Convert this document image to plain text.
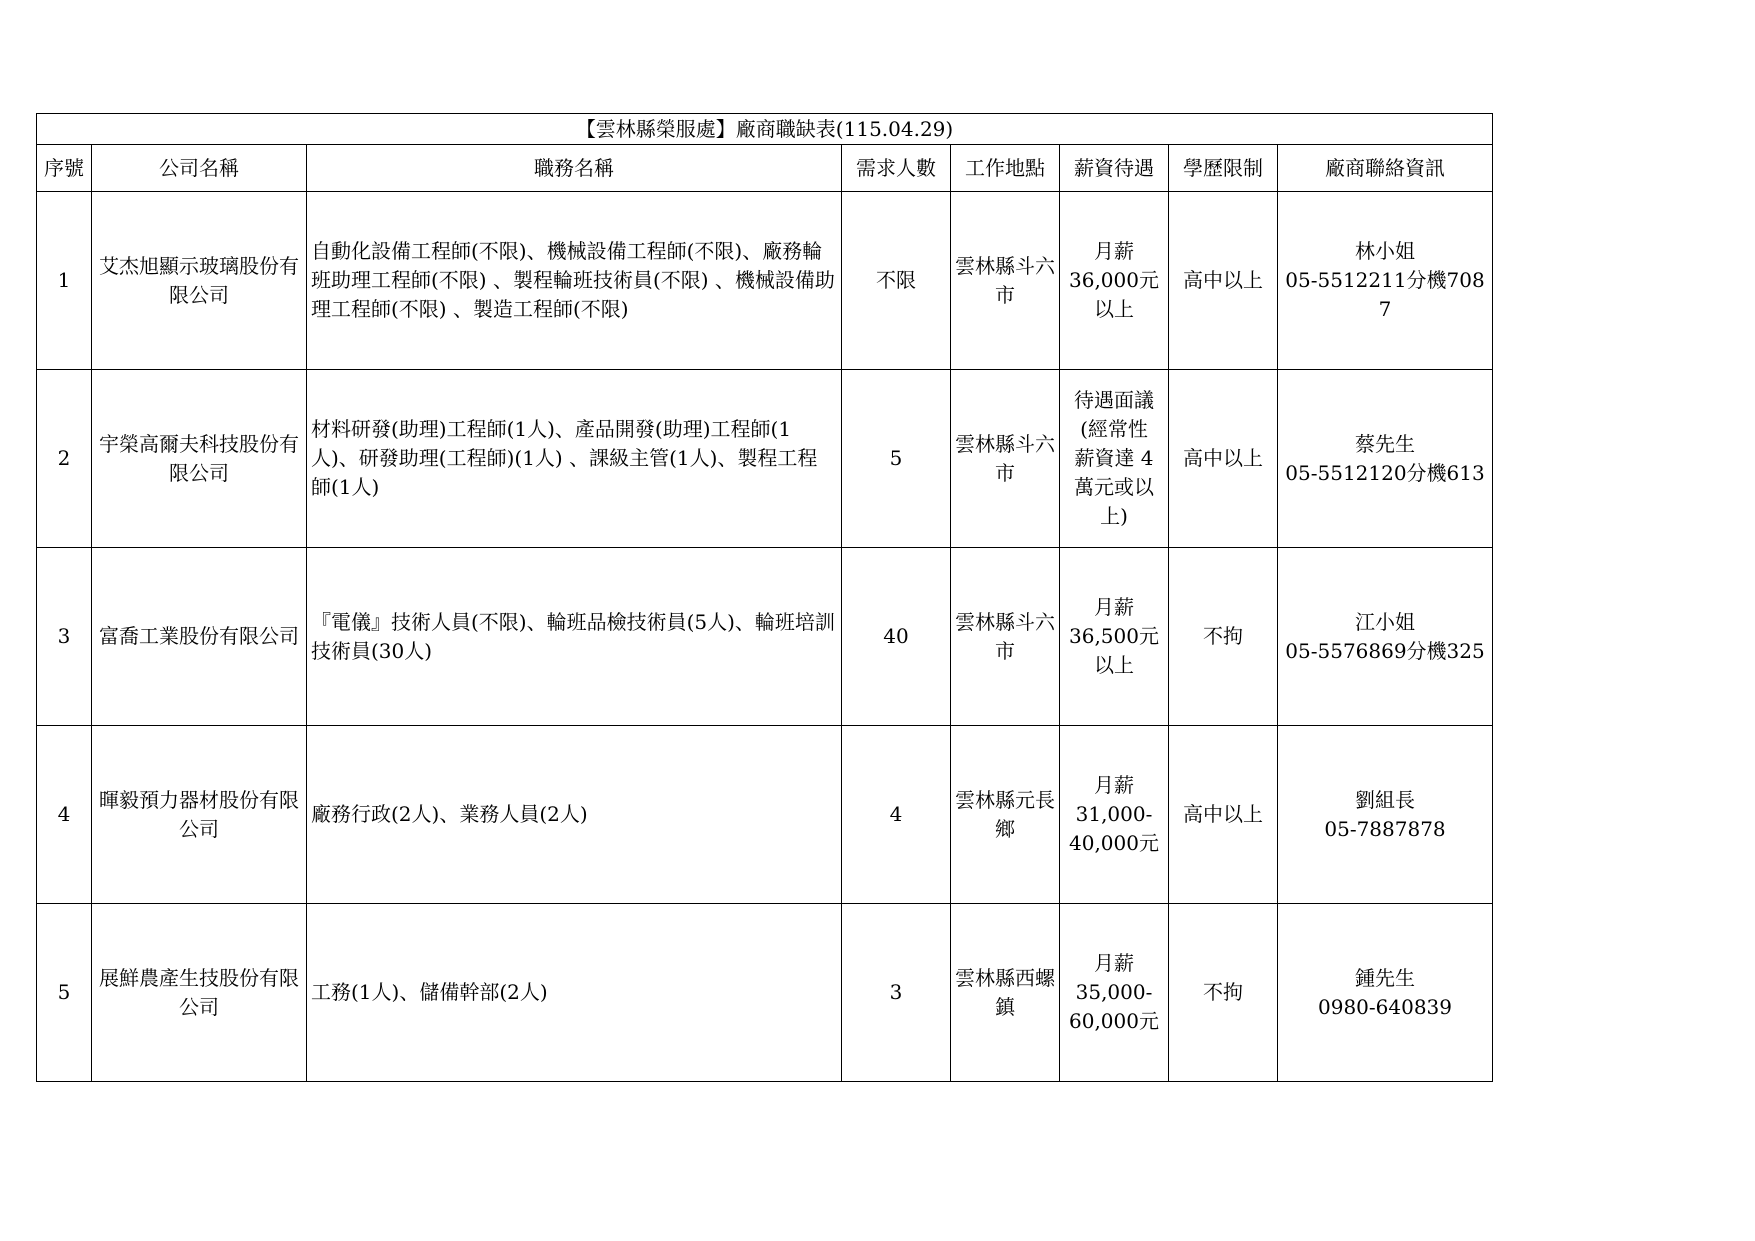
【雲林縣榮服處】廠商職缺表(115.04.29)							
序號	公司名稱	職務名稱	需求人數	工作地點	薪資待遇	學歷限制	廠商聯絡資訊
1	艾杰旭顯示玻璃股份有限公司	自動化設備工程師(不限)、機械設備工程師(不限)、廠務輪班助理工程師(不限) 、製程輪班技術員(不限) 、機械設備助理工程師(不限) 、製造工程師(不限)	不限	雲林縣斗六市	月薪
36,000元
以上	高中以上	林小姐
05-5512211分機7087
2	宇榮高爾夫科技股份有限公司	材料研發(助理)工程師(1人)、產品開發(助理)工程師(1人)、研發助理(工程師)(1人) 、課級主管(1人)、製程工程師(1人)	5	雲林縣斗六市	待遇面議
(經常性
薪資達 4
萬元或以
上)	高中以上	蔡先生
05-5512120分機613
3	富喬工業股份有限公司	『電儀』技術人員(不限)、輪班品檢技術員(5人)、輪班培訓技術員(30人)	40	雲林縣斗六市	月薪
36,500元
以上	不拘	江小姐
05-5576869分機325
4	暉毅預力器材股份有限公司	廠務行政(2人)、業務人員(2人)	4	雲林縣元長鄉	月薪
31,000-
40,000元	高中以上	劉組長
05-7887878
5	展鮮農產生技股份有限公司	工務(1人)、儲備幹部(2人)	3	雲林縣西螺鎮	月薪
35,000-
60,000元	不拘	鍾先生
0980-640839
